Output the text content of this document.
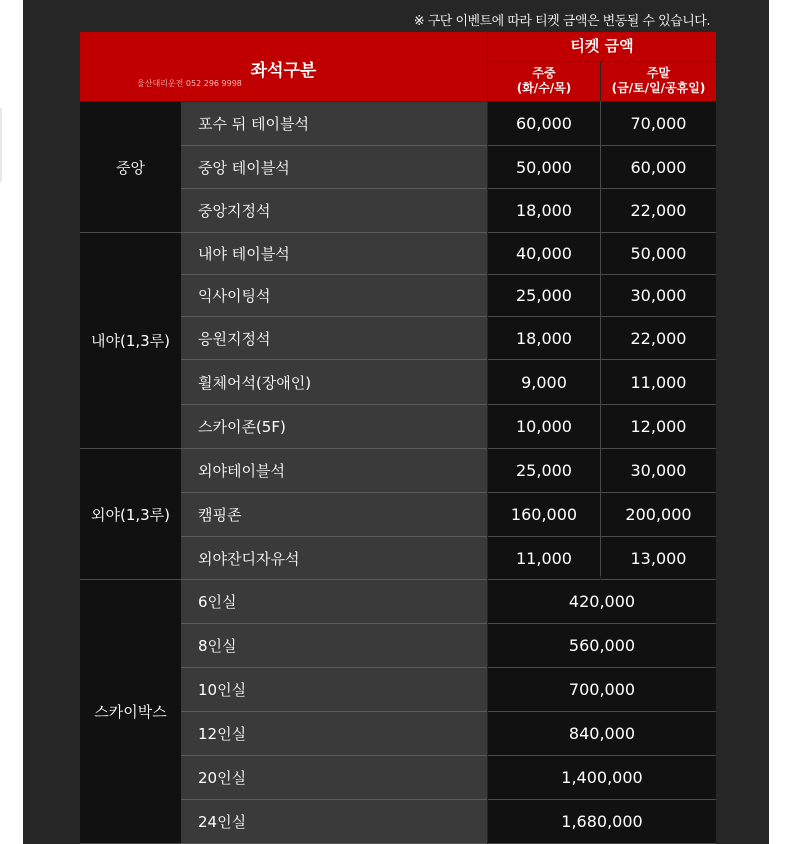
※ 구단 이벤트에 따라 티켓 금액은 변동될 수 있습니다.
좌석구분
울산대리운전 052 296 9998
티켓 금액
주중
(화/수/목)
주말
(금/토/일/공휴일)
중앙
포수 뒤 테이블석	60,000	70,000
중앙 테이블석	50,000	60,000
중앙지정석	18,000	22,000
내야(1,3루)
내야 테이블석	40,000	50,000
익사이팅석	25,000	30,000
응원지정석	18,000	22,000
휠체어석(장애인)	9,000	11,000
스카이존(5F)	10,000	12,000
외야(1,3루)
외야테이블석	25,000	30,000
캠핑존	160,000	200,000
외야잔디자유석	11,000	13,000
스카이박스
6인실	420,000
8인실	560,000
10인실	700,000
12인실	840,000
20인실	1,400,000
24인실	1,680,000
